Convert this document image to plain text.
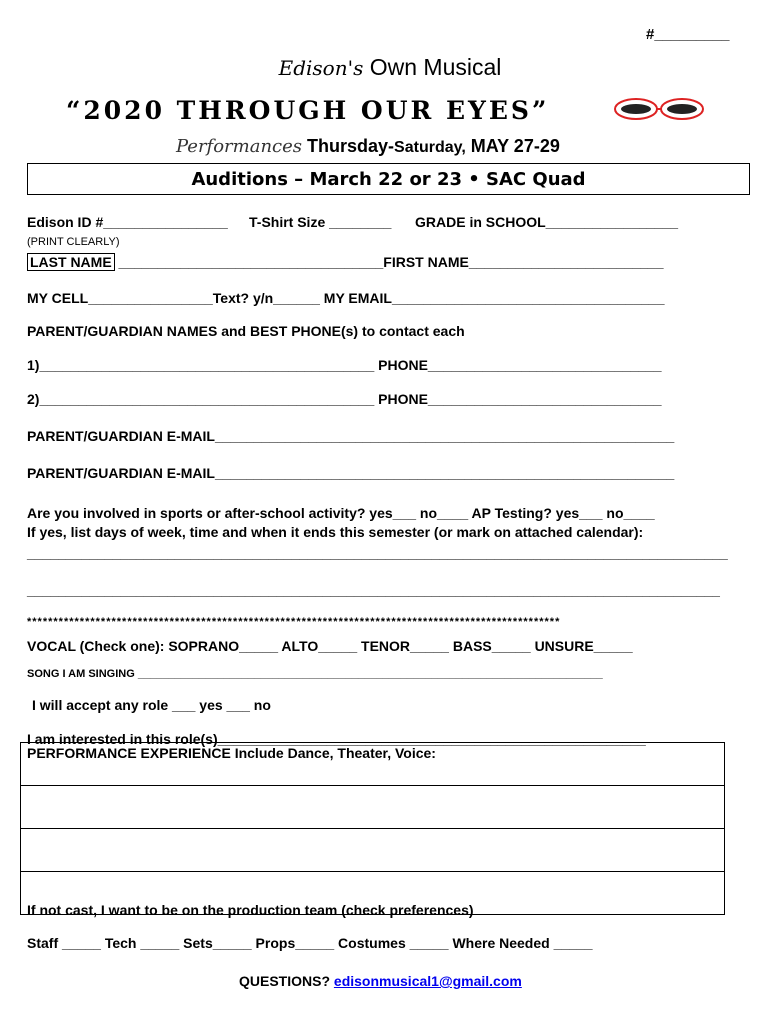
#_________
Edison's Own Musical
“2020 THROUGH OUR EYES”
Performances Thursday-Saturday, MAY 27-29
Auditions – March 22 or 23 • SAC Quad
Edison ID #________________ T-Shirt Size ________ GRADE in SCHOOL_________________
(PRINT CLEARLY)
LAST NAME __________________________________FIRST NAME_________________________
MY CELL________________Text? y/n______ MY EMAIL___________________________________
PARENT/GUARDIAN NAMES and BEST PHONE(s) to contact each
1)___________________________________________ PHONE______________________________
2)___________________________________________ PHONE______________________________
PARENT/GUARDIAN E-MAIL___________________________________________________________
PARENT/GUARDIAN E-MAIL___________________________________________________________
Are you involved in sports or after-school activity? yes___ no____ AP Testing? yes___ no____
If yes, list days of week, time and when it ends this semester (or mark on attached calendar):
__________________________________________________________________________________________
_________________________________________________________________________________________
*****************************************************************************************************
VOCAL (Check one): SOPRANO_____ ALTO_____ TENOR_____ BASS_____ UNSURE_____
SONG I AM SINGING ____________________________________________________________________________
I will accept any role ___ yes ___ no
I am interested in this role(s)_______________________________________________________
PERFORMANCE EXPERIENCE Include Dance, Theater, Voice:

If not cast, I want to be on the production team (check preferences)
Staff _____ Tech _____ Sets_____ Props_____ Costumes _____ Where Needed _____
QUESTIONS? edisonmusical1@gmail.com
